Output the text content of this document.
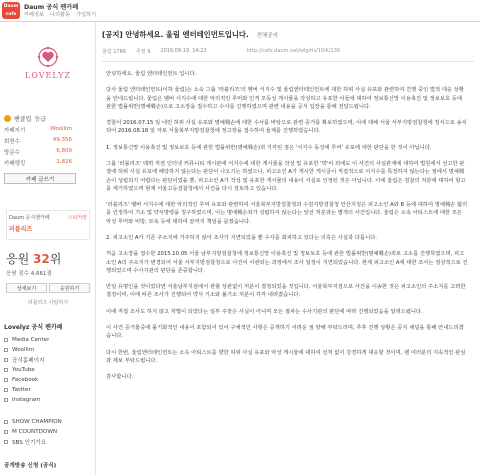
Daum cafe
Daum 공식 팬카페
카페정보 나의활동 가입하기
LOVELYZ
팬클럽 등급
카페지기	Woollim
회원수	49,356
방문수	6,809
카페랭킹	1,826
카페 글쓰기
Daum 공식팬카페	스티커컴
러블리즈
응원 32위
응원 점수 4,661점
상세보기	응원하기
러블리즈 사랑하기
Lovelyz 공식 팬카페
Media Center
Woollim
공식홈페이지
YouTube
Facebook
Twitter
Instagram
SHOW CHAMPION
M COUNTDOWN
SBS 인기가요
공개방송 신청 (공식)
[공지] 안녕하세요. 울림 엔터테인먼트입니다. 전체공지
울림 1766 추천 9 2016.09.19. 14:22	http://cafe.daum.net/wlgirls/1SIK/136

안녕하세요. 울림 엔터테인먼트 입니다.

당사 울림 엔터테인먼트(이하 울림)는 소속 그룹 '러블리즈'의 멤버 서지수 및 울림엔터테인먼트에 대한 허위 사실 유포와 관련하여 진행 중인 법적 대응 상황을 안내드립니다. 울림은 멤버 서지수에 대한 악의적인 루머와 인격 모독성 게시물을 작성하고 유포한 이들에 대하여 정보통신망 이용촉진 및 정보보호 등에 관한 법률위반(명예훼손)으로 고소장을 접수하고 수사를 진행하였으며 관련 내용을 공식 입장을 통해 전달드립니다.

경찰이 2016.07.15 일 내린 허위 사실 유포와 명예훼손에 대한 수사를 바탕으로 관련 증거를 확보하였으며, 이에 대해 서울 서부지방검찰청에 정식으로 송치되어 2016.08.18 일 자로 서울북부지방검찰청에 정고장을 접수하여 율계를 진행하였습니다.

1. 정보통신망 이용촉진 및 정보보호 등에 관한 법률위반(명예훼손)죄 기각된 점은 '서지수 동성애 루머' 유포에 대한 판단을 한 것이 아닙니다.

그룹 '러블리즈' 데뷔 직전 인터넷 커뮤니티 게시판에 서지수에 대한 게시물을 작성 및 유포한 '박'씨 외에도 이 사건의 사실관계에 대하여 법원에서 선고한 판결에 허위 사실 유포에 해당하지 않는다는 판단이 나오기는 하였으나, 피고소인 A가 게시한 게시글이 직접적으로 서지수를 특정하지 않는다는 점에서 명예훼손이 성립되기 어렵다는 판단이었을 뿐, 피고소인 A가 작성 및 유포한 게시물의 내용이 사실로 인정된 것은 아닙니다. 이에 울림은 검찰의 처분에 대하여 항고를 제기하였으며 현재 서울고등검찰청에서 사건을 다시 검토하고 있습니다.

'러블리즈' 멤버 서지수에 대한 악의적인 루머 유포와 관련하여 서울북부지방검찰청과 수원지방검찰청 안산지청은 피고소인 A와 B 등에 대하여 명예훼손 혐의를 인정하여 기소 및 약식명령을 청구하였으며, 이는 명예훼손죄가 성립하지 않는다는 앞선 처분과는 별개의 사건입니다. 울림은 소속 아티스트에 대한 모든 악성 루머와 비방, 모욕 등에 대하여 끝까지 책임을 묻겠습니다.

2. 피고소인 A가 기존 주소지에 거주하지 않아 조사가 지연되었을 뿐 수사를 회피하고 있다는 의혹은 사실과 다릅니다.

처음 고소장을 접수한 2015.10.05 서울 남부지방검찰청에 정보통신망 이용촉진 및 정보보호 등에 관한 법률위반(명예훼손)죄로 고소를 진행하였으며, 피고소인 A의 주소지가 변경되어 서울 서부지방검찰청으로 사건이 이관되는 과정에서 조사 일정이 지연되었습니다. 현재 피고소인 A에 대한 조사는 정상적으로 진행되었으며 수사기관의 판단을 존중합니다.

만일 유명인을 것이었다면 서울남부지검에서 관할 상관없이 처분이 결정되었을 것입니다. 서울북부지검으로 사건을 이송한 것은 피고소인의 주소지를 고려한 결정이며, 이에 따른 조사가 진행되어 약식 기소와 불기소 처분이 각각 내려졌습니다.

이에 직접 조사도 하지 않고 처벌이 되었다는 일부 주장은 사실이 아니며 모든 절차는 수사기관의 판단에 따라 진행되었음을 알려드립니다.

이 사건 증거물중에 몰기화적인 내용이 포함되어 있어 구체적인 사항은 공개하기 어려운 점 양해 부탁드리며, 추후 진행 상황은 공식 채널을 통해 안내드리겠습니다.

다시 한번, 울림엔터테인먼트는 소속 아티스트를 향한 허위 사실 유포와 악성 게시물에 대하여 선처 없이 강경하게 대응할 것이며, 팬 여러분의 지속적인 관심과 제보 부탁드립니다.

감사합니다.
